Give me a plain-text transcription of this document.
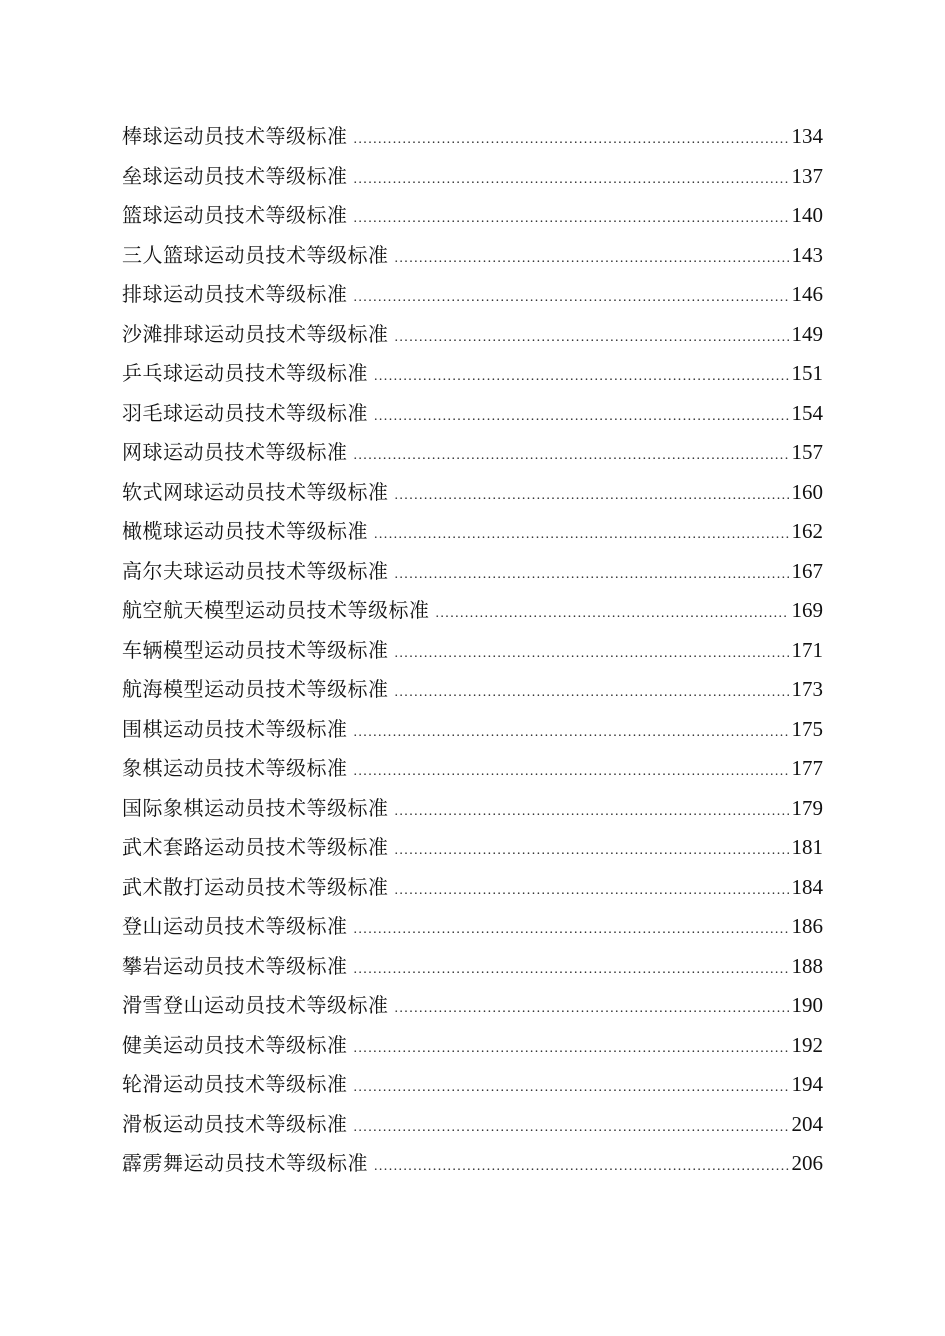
棒球运动员技术等级标准 .....	134
垒球运动员技术等级标准 .....	137
篮球运动员技术等级标准 .....	140
三人篮球运动员技术等级标准 .....	143
排球运动员技术等级标准 .....	146
沙滩排球运动员技术等级标准 .....	149
乒乓球运动员技术等级标准 .....	151
羽毛球运动员技术等级标准 .....	154
网球运动员技术等级标准 .....	157
软式网球运动员技术等级标准 .....	160
橄榄球运动员技术等级标准 .....	162
高尔夫球运动员技术等级标准 .....	167
航空航天模型运动员技术等级标准 .....	169
车辆模型运动员技术等级标准 .....	171
航海模型运动员技术等级标准 .....	173
围棋运动员技术等级标准 .....	175
象棋运动员技术等级标准 .....	177
国际象棋运动员技术等级标准 .....	179
武术套路运动员技术等级标准 .....	181
武术散打运动员技术等级标准 .....	184
登山运动员技术等级标准 .....	186
攀岩运动员技术等级标准 .....	188
滑雪登山运动员技术等级标准 .....	190
健美运动员技术等级标准 .....	192
轮滑运动员技术等级标准 .....	194
滑板运动员技术等级标准 .....	204
霹雳舞运动员技术等级标准 .....	206
